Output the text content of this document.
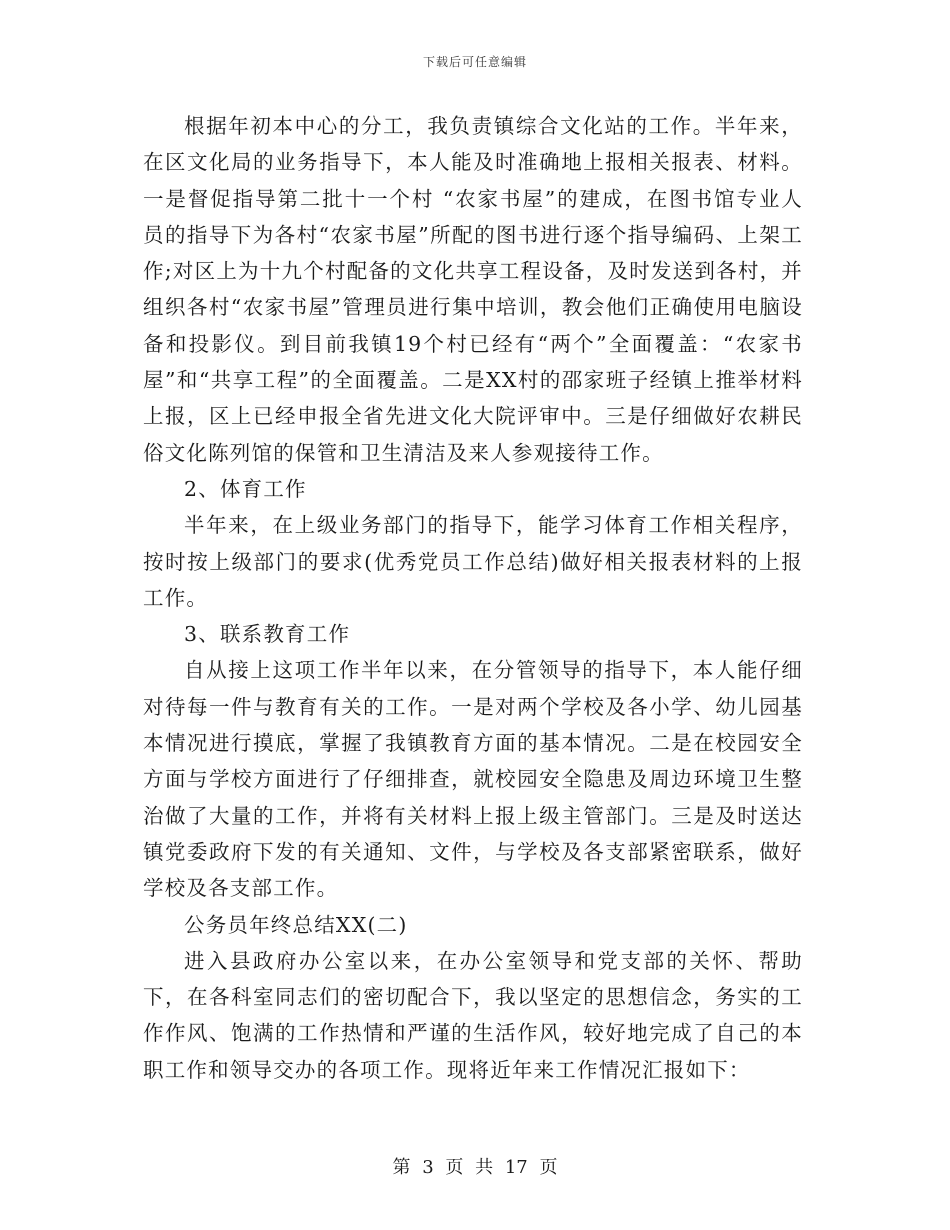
下载后可任意编辑

根据年初本中心的分工，我负责镇综合文化站的工作。半年来，在区文化局的业务指导下，本人能及时准确地上报相关报表、材料。一是督促指导第二批十一个村 “农家书屋”的建成，在图书馆专业人员的指导下为各村“农家书屋”所配的图书进行逐个指导编码、上架工作;对区上为十九个村配备的文化共享工程设备，及时发送到各村，并组织各村“农家书屋”管理员进行集中培训，教会他们正确使用电脑设备和投影仪。到目前我镇19个村已经有“两个”全面覆盖：“农家书屋”和“共享工程”的全面覆盖。二是XX村的邵家班子经镇上推举材料上报，区上已经申报全省先进文化大院评审中。三是仔细做好农耕民俗文化陈列馆的保管和卫生清洁及来人参观接待工作。

2、体育工作

半年来，在上级业务部门的指导下，能学习体育工作相关程序，按时按上级部门的要求(优秀党员工作总结)做好相关报表材料的上报工作。

3、联系教育工作

自从接上这项工作半年以来，在分管领导的指导下，本人能仔细对待每一件与教育有关的工作。一是对两个学校及各小学、幼儿园基本情况进行摸底，掌握了我镇教育方面的基本情况。二是在校园安全方面与学校方面进行了仔细排查，就校园安全隐患及周边环境卫生整治做了大量的工作，并将有关材料上报上级主管部门。三是及时送达镇党委政府下发的有关通知、文件，与学校及各支部紧密联系，做好学校及各支部工作。

公务员年终总结XX(二)

进入县政府办公室以来，在办公室领导和党支部的关怀、帮助下，在各科室同志们的密切配合下，我以坚定的思想信念，务实的工作作风、饱满的工作热情和严谨的生活作风，较好地完成了自己的本职工作和领导交办的各项工作。现将近年来工作情况汇报如下：

第 3 页 共 17 页
